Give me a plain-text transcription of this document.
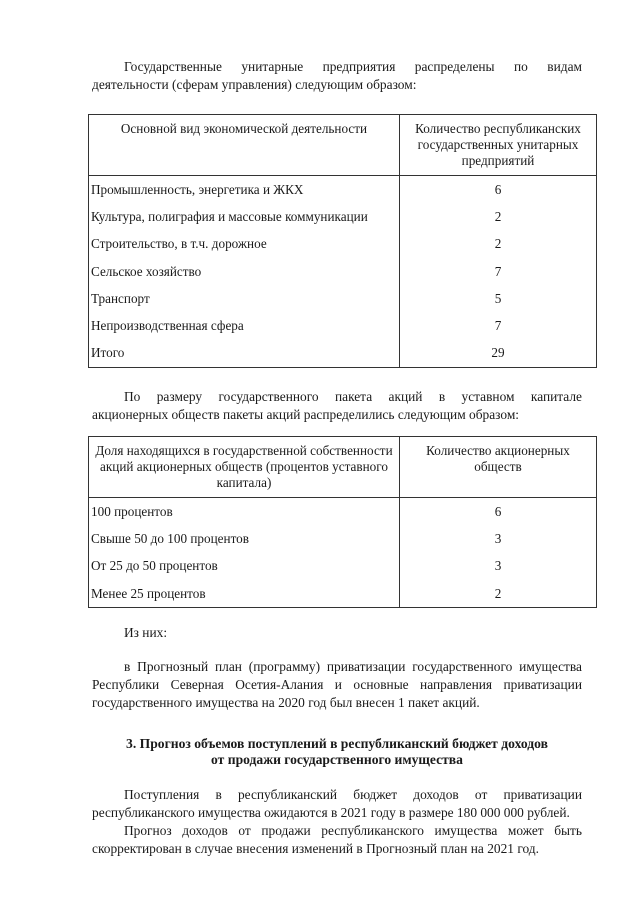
Государственные унитарные предприятия распределены по видам

деятельности (сферам управления) следующим образом:

Основной вид экономической деятельности	Количество республиканских государственных унитарных предприятий
Промышленность, энергетика и ЖКХ	6
Культура, полиграфия и массовые коммуникации	2
Строительство, в т.ч. дорожное	2
Сельское хозяйство	7
Транспорт	5
Непроизводственная сфера	7
Итого	29

По размеру государственного пакета акций в уставном капитале

акционерных обществ пакеты акций распределились следующим образом:

Доля находящихся в государственной собственности акций акционерных обществ (процентов уставного капитала)	Количество акционерных обществ
100 процентов	6
Свыше 50 до 100 процентов	3
От 25 до 50 процентов	3
Менее 25 процентов	2

Из них:

в Прогнозный план (программу) приватизации государственного имущества Республики Северная Осетия-Алания и основные направления приватизации государственного имущества на 2020 год был внесен 1 пакет акций.

3. Прогноз объемов поступлений в республиканский бюджет доходов
от продажи государственного имущества

Поступления в республиканский бюджет доходов от приватизации республиканского имущества ожидаются в 2021 году в размере 180 000 000 рублей.

Прогноз доходов от продажи республиканского имущества может быть скорректирован в случае внесения изменений в Прогнозный план на 2021 год.
